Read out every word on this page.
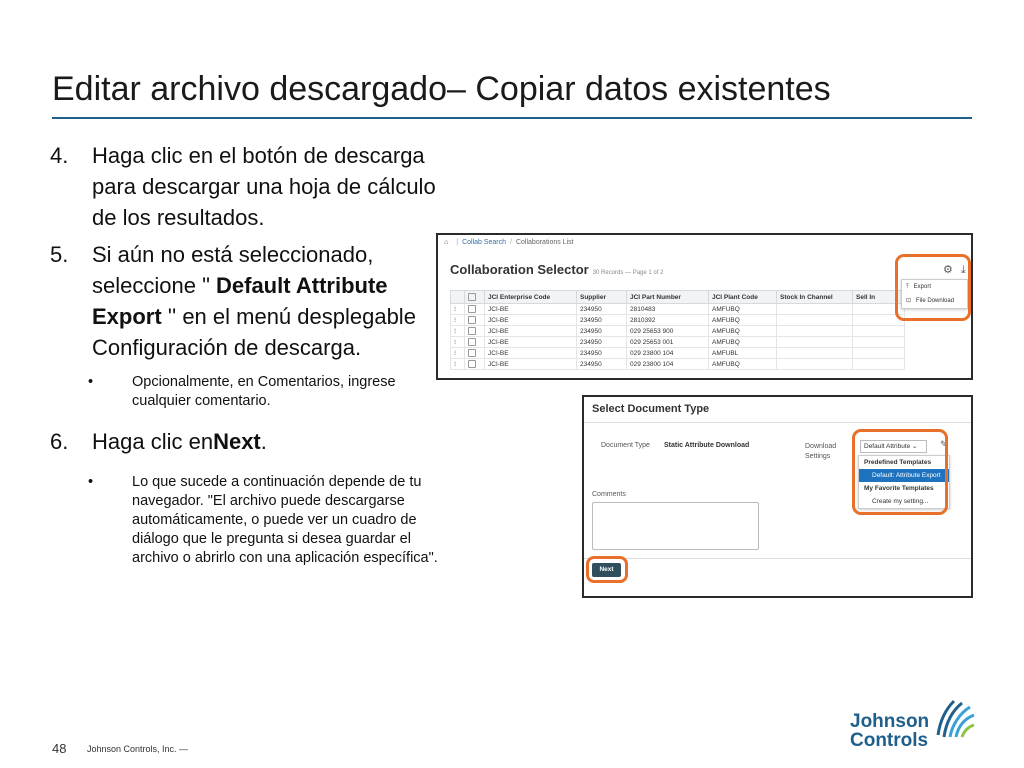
Editar archivo descargado– Copiar datos existentes
4.	Haga clic en el botón de descarga para descargar una hoja de cálculo de los resultados.
5.	Si aún no está seleccionado, seleccione " Default Attribute Export '' en el menú desplegable Configuración de descarga.
•	Opcionalmente, en Comentarios, ingrese cualquier comentario.
6.	Haga clic enNext.
•	Lo que sucede a continuación depende de tu navegador. "El archivo puede descargarse automáticamente, o puede ver un cuadro de diálogo que le pregunta si desea guardar el archivo o abrirlo con una aplicación específica".
⌂ | Collab Search / Collaborations List
Collaboration Selector 30 Records — Page 1 of 2	⚙ ⤓
		JCI Enterprise Code	Supplier	JCI Part Number	JCI Plant Code	Stock In Channel	Sell In
⁝		JCI-BE	234950	2810483	AMFUBQ		
⁝		JCI-BE	234950	2810392	AMFUBQ		
⁝		JCI-BE	234950	029 25653 900	AMFUBQ		
⁝		JCI-BE	234950	029 25653 001	AMFUBQ		
⁝		JCI-BE	234950	029 23800 104	AMFUBL		
⁝		JCI-BE	234950	029 23800 104	AMFUBQ		
⤒ Export
⊡ File Download
Select Document Type
Document Type Static Attribute Download	Download Settings
Default Attribute ⌄	✎
Predefined Templates
Default: Attribute Export
My Favorite Templates
Create my setting...
Comments
Next
48 Johnson Controls, Inc. —
Johnson
Controls
